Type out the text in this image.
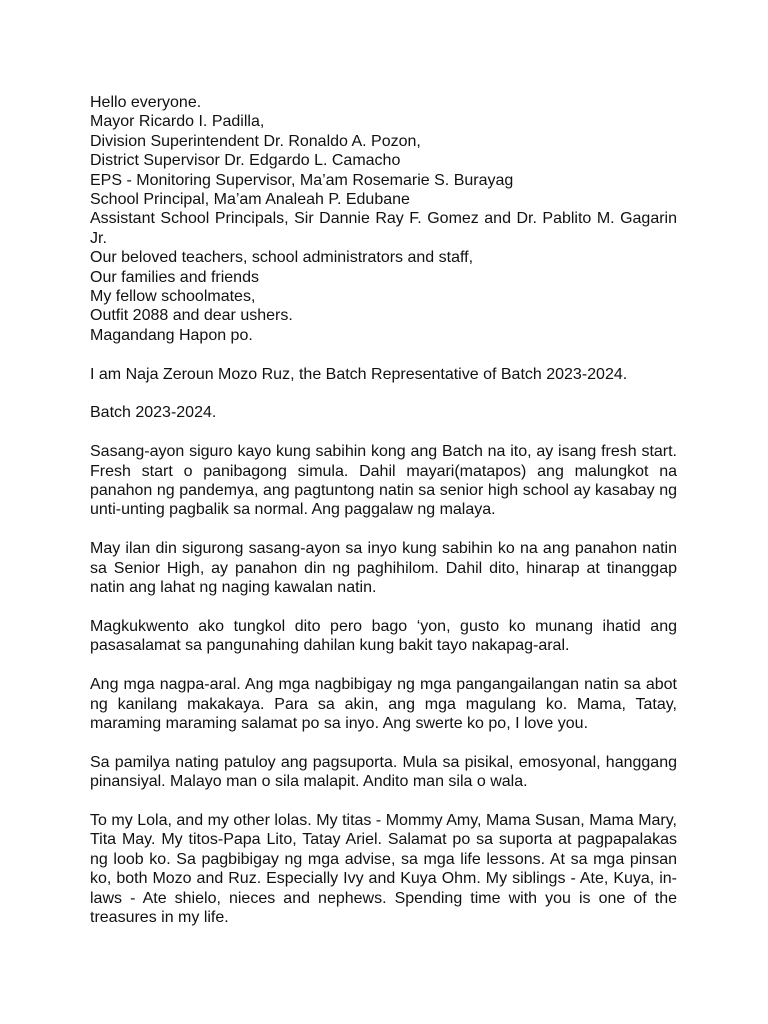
Hello everyone.
Mayor Ricardo I. Padilla,
Division Superintendent Dr. Ronaldo A. Pozon,
District Supervisor Dr. Edgardo L. Camacho
EPS - Monitoring Supervisor, Ma’am Rosemarie S. Burayag
School Principal, Ma’am Analeah P. Edubane
Assistant School Principals, Sir Dannie Ray F. Gomez and Dr. Pablito M. Gagarin Jr.
Our beloved teachers, school administrators and staff,
Our families and friends
My fellow schoolmates,
Outfit 2088 and dear ushers.
Magandang Hapon po.

I am Naja Zeroun Mozo Ruz, the Batch Representative of Batch 2023-2024.

Batch 2023-2024.

Sasang-ayon siguro kayo kung sabihin kong ang Batch na ito, ay isang fresh start. Fresh start o panibagong simula. Dahil mayari(matapos) ang malungkot na panahon ng pandemya, ang pagtuntong natin sa senior high school ay kasabay ng unti-unting pagbalik sa normal. Ang paggalaw ng malaya.

May ilan din sigurong sasang-ayon sa inyo kung sabihin ko na ang panahon natin sa Senior High, ay panahon din ng paghihilom. Dahil dito, hinarap at tinanggap natin ang lahat ng naging kawalan natin.

Magkukwento ako tungkol dito pero bago ‘yon, gusto ko munang ihatid ang pasasalamat sa pangunahing dahilan kung bakit tayo nakapag-aral.

Ang mga nagpa-aral. Ang mga nagbibigay ng mga pangangailangan natin sa abot ng kanilang makakaya. Para sa akin, ang mga magulang ko. Mama, Tatay, maraming maraming salamat po sa inyo. Ang swerte ko po, I love you.

Sa pamilya nating patuloy ang pagsuporta. Mula sa pisikal, emosyonal, hanggang pinansiyal. Malayo man o sila malapit. Andito man sila o wala.

To my Lola, and my other lolas. My titas - Mommy Amy, Mama Susan, Mama Mary, Tita May. My titos-Papa Lito, Tatay Ariel. Salamat po sa suporta at pagpapalakas ng loob ko. Sa pagbibigay ng mga advise, sa mga life lessons. At sa mga pinsan ko, both Mozo and Ruz. Especially Ivy and Kuya Ohm. My siblings - Ate, Kuya, in-laws - Ate shielo, nieces and nephews. Spending time with you is one of the treasures in my life.
